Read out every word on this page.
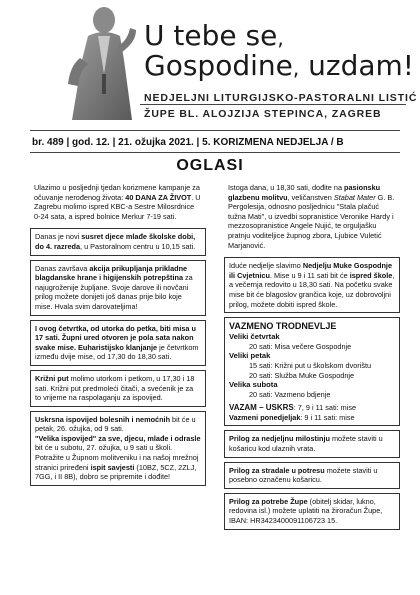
U tebe se,
Gospodine, uzdam!
NEDJELJNI LITURGIJSKO-PASTORALNI LISTIĆ
ŽUPE BL. ALOJZIJA STEPINCA, ZAGREB
br. 489 | god. 12. | 21. ožujka 2021. | 5. KORIZMENA NEDJELJA / B
OGLASI

Ulazimo u posljednji tjedan korizmene kampanje za očuvanje nerođenog života: 40 DANA ZA ŽIVOT. U Zagrebu molimo ispred KBC-a Sestre Milosrdnice 0-24 sata, a ispred bolnice Merkur 7-19 sati.

Danas je novi susret djece mlađe školske dobi, do 4. razreda, u Pastoralnom centru u 10,15 sati.

Danas završava akcija prikupljanja prikladne blagdanske hrane i higijenskih potrepština za najugroženije župljane. Svoje darove ili novčani prilog možete donijeti još danas prije bilo koje mise. Hvala svim darovateljima!

I ovog četvrtka, od utorka do petka, biti misa u 17 sati. Župni ured otvoren je pola sata nakon svake mise. Euharistijsko klanjanje je četvrtkom između dvije mise, od 17,30 do 18,30 sati.

Križni put molimo utorkom i petkom, u 17,30 i 18 sati. Križni put predmoleći čitači, a svećenik je za to vrijeme na raspolaganju za ispovijed.

Uskrsna ispovijed bolesnih i nemoćnih bit će u petak, 26. ožujka, od 9 sati.

"Velika ispovijed" za sve, djecu, mlađe i odrasle bit će u subotu, 27. ožujka, u 9 sati u školi.

Potražite u Župnom molitveniku i na našoj mrežnoj stranici priređeni ispit savjesti (10BZ, 5CZ, 2ZLJ, 7GG, i II 8B), dobro se pripremite i dođite!

Istoga dana, u 18,30 sati, dođite na pasionsku glazbenu molitvu, veličanstven Stabat Mater G. B. Pergolesija, odnosno posljednicu "Stala plačuć tužna Mati", u izvedbi sopranistice Veronike Hardy i mezzosopranistice Angele Nujić, te orguljašku pratnju voditeljice župnog zbora, Ljubice Vuletić Marjanović.

Iduće nedjelje slavimo Nedjelju Muke Gospodnje ili Cvjetnicu. Mise u 9 i 11 sati bit će ispred škole, a večernja redovito u 18,30 sati. Na početku svake mise bit će blagoslov grančica koje, uz dobrovoljni prilog, možete dobiti ispred škole.

VAZMENO TRODNEVLJE

Veliki četvrtak

20 sati: Misa večere Gospodnje

Veliki petak

15 sati: Križni put u školskom dvorištu

20 sati: Služba Muke Gospodnje

Velika subota

20 sati: Vazmeno bdjenje

VAZAM – USKRS: 7, 9 i 11 sati: mise

Vazmeni ponedjeljak: 9 i 11 sati: mise

Prilog za nedjeljnu milostinju možete staviti u košaricu kod ulaznih vrata.

Prilog za stradale u potresu možete staviti u posebno označenu košaricu.

Prilog za potrebe Župe (obitelj skidar, lukno, redovina isl.) možete uplatiti na žiroračun Župe, IBAN: HR3423400091106723 15.
